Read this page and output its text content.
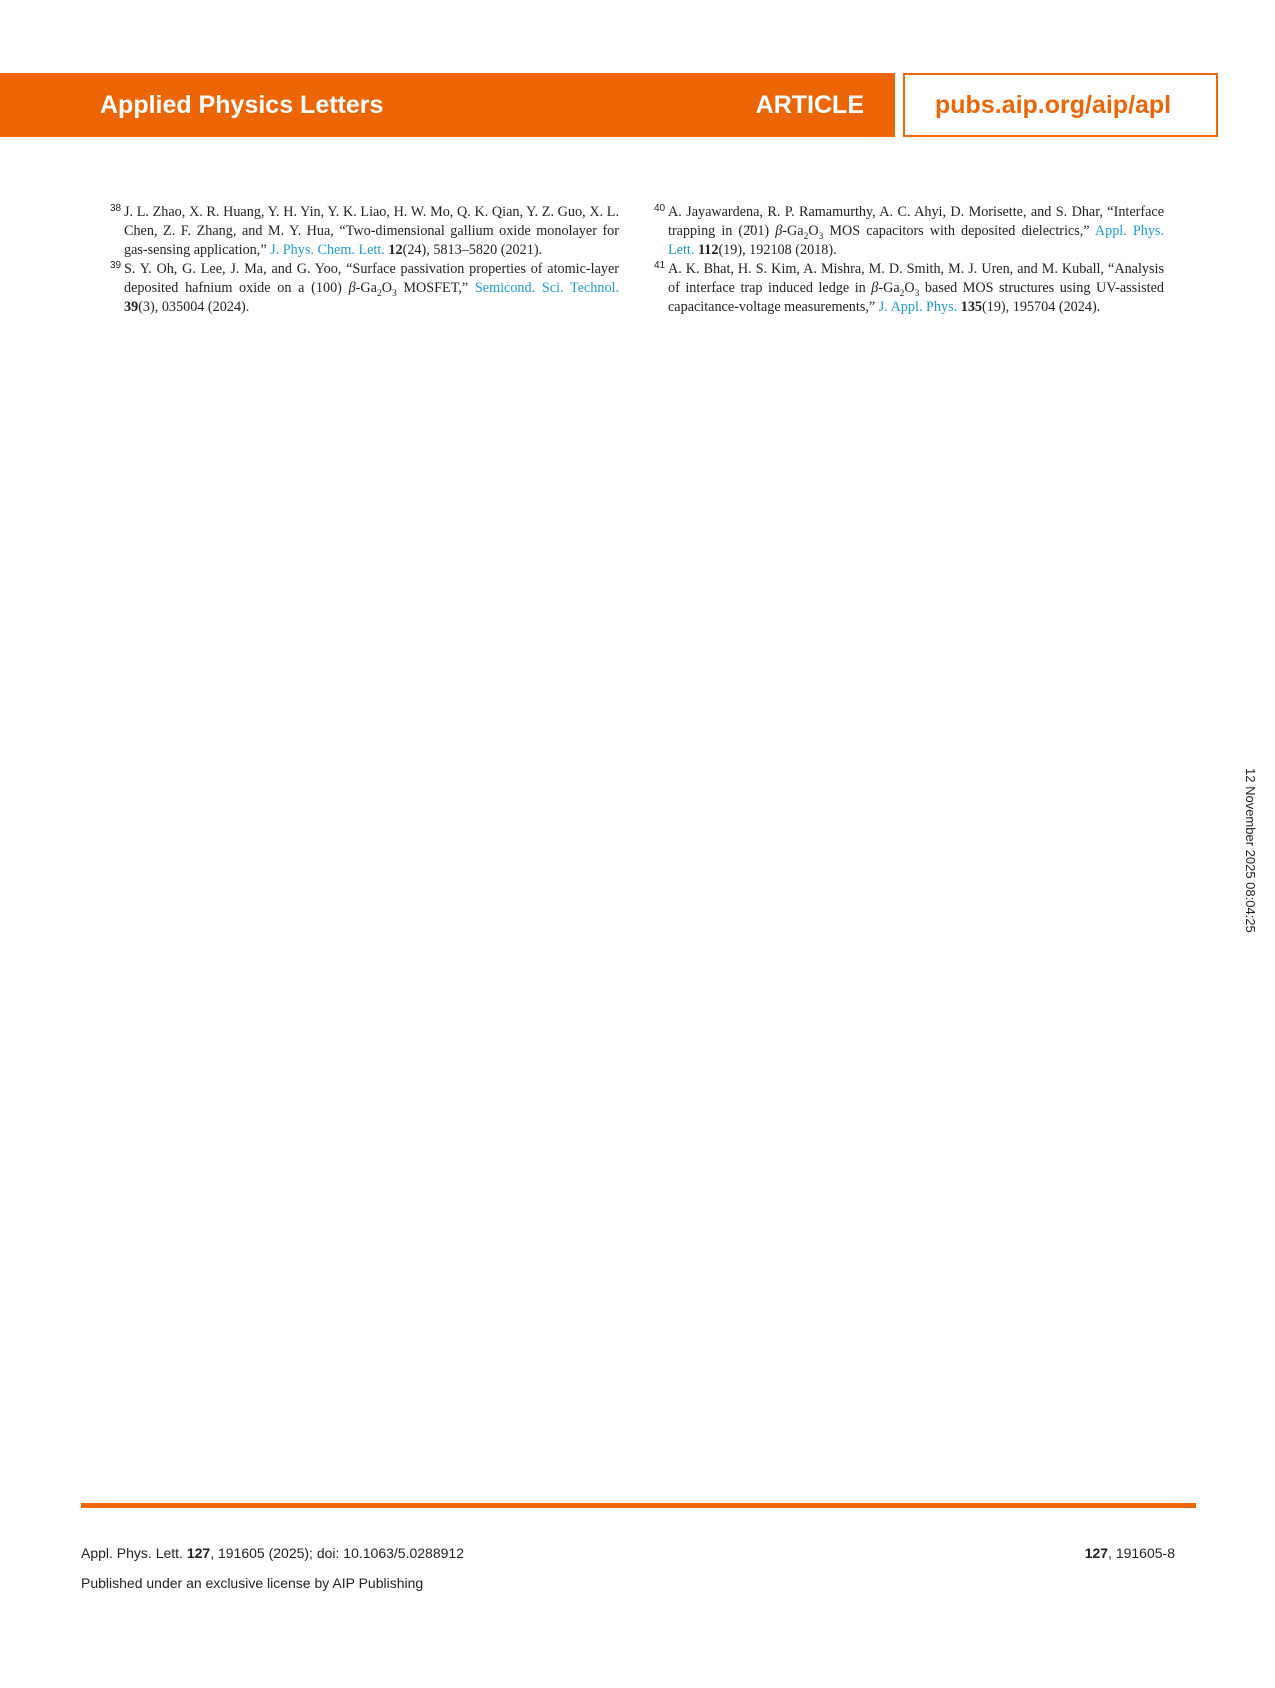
Applied Physics Letters	ARTICLE	pubs.aip.org/aip/apl
38 J. L. Zhao, X. R. Huang, Y. H. Yin, Y. K. Liao, H. W. Mo, Q. K. Qian, Y. Z. Guo, X. L. Chen, Z. F. Zhang, and M. Y. Hua, “Two-dimensional gallium oxide monolayer for gas-sensing application,” J. Phys. Chem. Lett. 12(24), 5813–5820 (2021).
39 S. Y. Oh, G. Lee, J. Ma, and G. Yoo, “Surface passivation properties of atomic-layer deposited hafnium oxide on a (100) $\beta-Ga_2O_3$ MOSFET,” Semicond. Sci. Technol. 39(3), 035004 (2024).
40 A. Jayawardena, R. P. Ramamurthy, A. C. Ahyi, D. Morisette, and S. Dhar, “Interface trapping in (2̄01) $\beta-Ga_2O_3$ MOS capacitors with deposited dielectrics,” Appl. Phys. Lett. 112(19), 192108 (2018).
41 A. K. Bhat, H. S. Kim, A. Mishra, M. D. Smith, M. J. Uren, and M. Kuball, “Analysis of interface trap induced ledge in $\beta-Ga_2O_3$ based MOS structures using UV-assisted capacitance-voltage measurements,” J. Appl. Phys. 135(19), 195704 (2024).
12 November 2025 08:04:25
Appl. Phys. Lett. 127, 191605 (2025); doi: 10.1063/5.0288912
Published under an exclusive license by AIP Publishing
127, 191605-8
